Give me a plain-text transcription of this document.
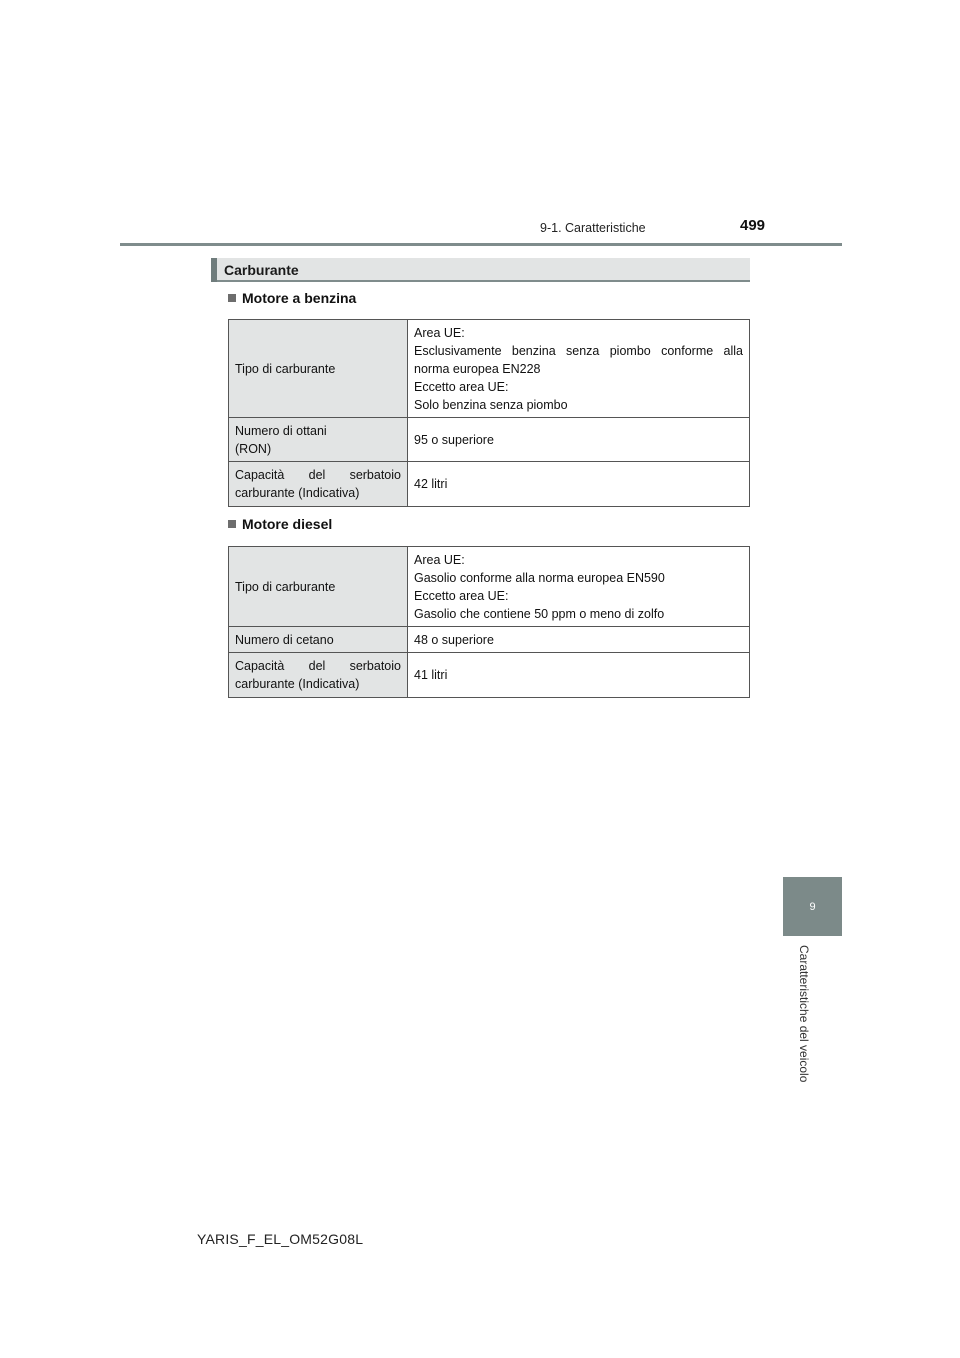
9-1. Caratteristiche	499
9
Caratteristiche del veicolo
Carburante
Motore a benzina
Tipo di carburante	Area UE:
Esclusivamente benzina senza piombo conforme alla norma europea EN228
Eccetto area UE:
Solo benzina senza piombo

Numero di ottani
(RON)	95 o superiore

Capacità del serbatoio carburante (Indicativa)	42 litri
Motore diesel
Tipo di carburante	Area UE:
Gasolio conforme alla norma europea EN590
Eccetto area UE:
Gasolio che contiene 50 ppm o meno di zolfo

Numero di cetano	48 o superiore

Capacità del serbatoio carburante (Indicativa)	41 litri
YARIS_F_EL_OM52G08L
